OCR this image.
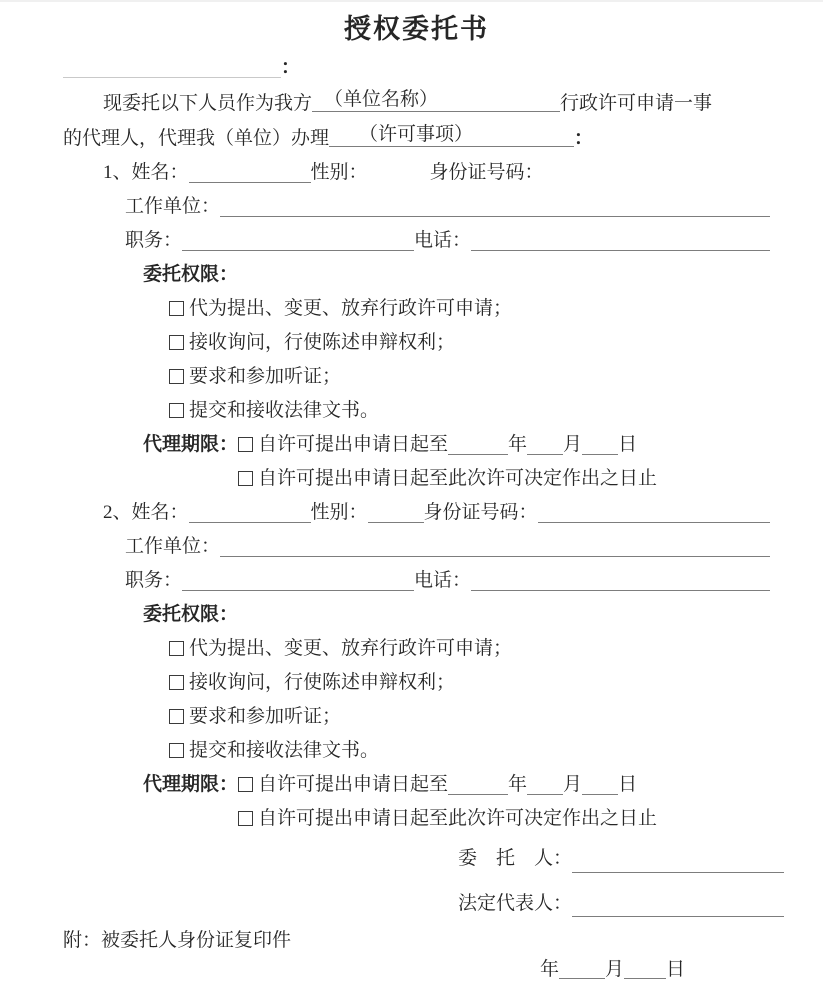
授权委托书
：
现委托以下人员作为我方 （单位名称）	行政许可申请一事
的代理人，代理我（单位）办理 （许可事项）	：
1、姓名：	性别：	身份证号码：
工作单位：
职务：	电话：
委托权限：
代为提出、变更、放弃行政许可申请；
接收询问，行使陈述申辩权利；
要求和参加听证；
提交和接收法律文书。
代理期限： 自许可提出申请日起至	年 月 日
自许可提出申请日起至此次许可决定作出之日止
2、 姓名：	性别：	身份证号码：
工作单位：
职务：	电话：
委托权限：
代为提出、变更、放弃行政许可申请；
接收询问，行使陈述申辩权利；
要求和参加听证；
提交和接收法律文书。
代理期限： 自许可提出申请日起至	年 月 日
自许可提出申请日起至此次许可决定作出之日止
委　托　人：
法定代表人：
附：被委托人身份证复印件
年 月 日
